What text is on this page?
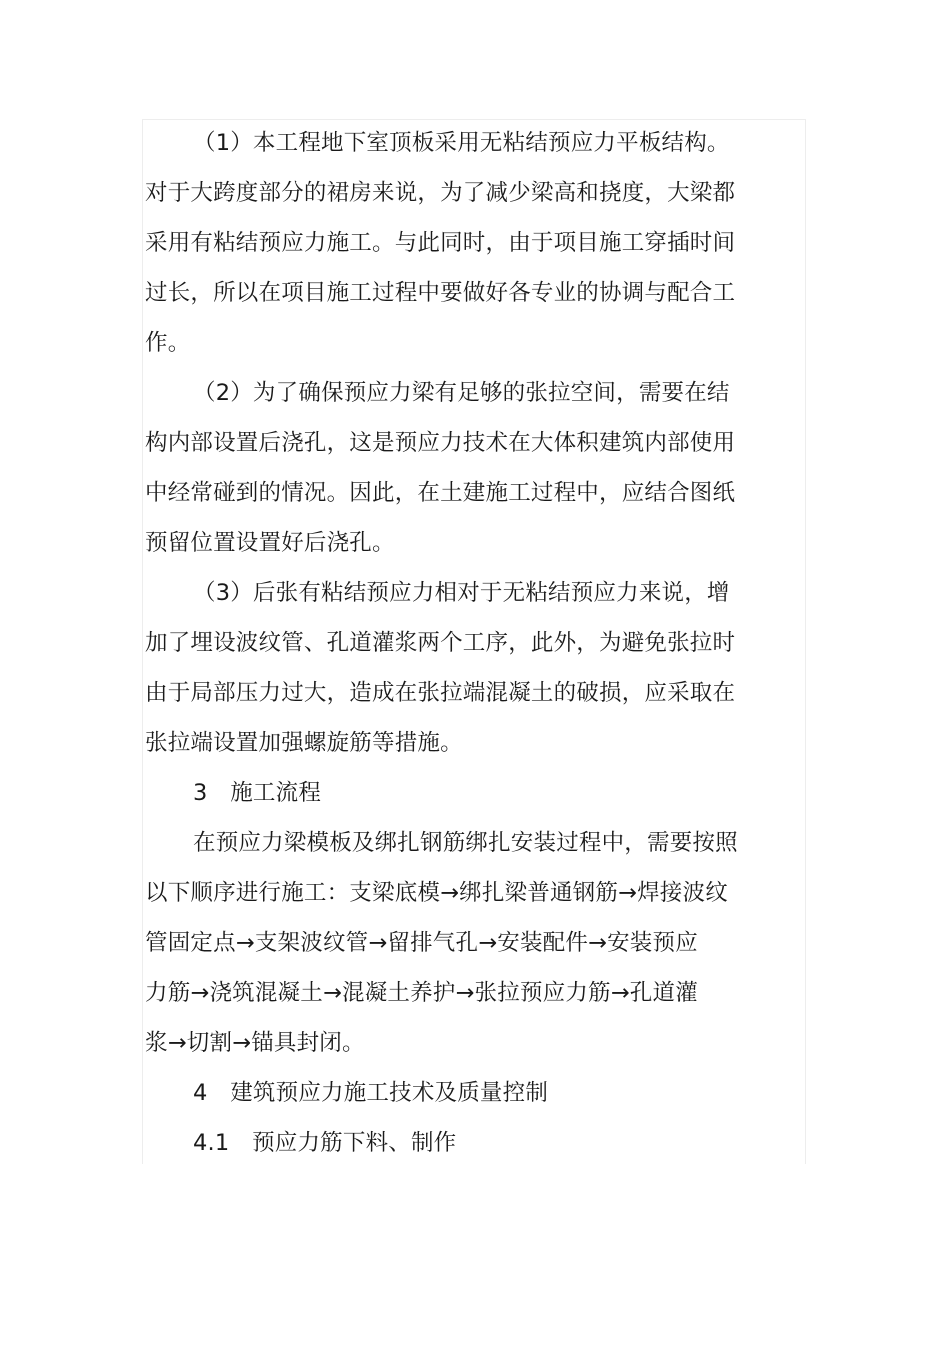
（1）本工程地下室顶板采用无粘结预应力平板结构。
对于大跨度部分的裙房来说，为了减少梁高和挠度，大梁都
采用有粘结预应力施工。与此同时，由于项目施工穿插时间
过长，所以在项目施工过程中要做好各专业的协调与配合工
作。
（2）为了确保预应力梁有足够的张拉空间，需要在结
构内部设置后浇孔，这是预应力技术在大体积建筑内部使用
中经常碰到的情况。因此，在土建施工过程中，应结合图纸
预留位置设置好后浇孔。
（3）后张有粘结预应力相对于无粘结预应力来说，增
加了埋设波纹管、孔道灌浆两个工序，此外，为避免张拉时
由于局部压力过大，造成在张拉端混凝土的破损，应采取在
张拉端设置加强螺旋筋等措施。
3　施工流程
在预应力梁模板及绑扎钢筋绑扎安装过程中，需要按照
以下顺序进行施工：支梁底模→绑扎梁普通钢筋→焊接波纹
管固定点→支架波纹管→留排气孔→安装配件→安装预应
力筋→浇筑混凝土→混凝土养护→张拉预应力筋→孔道灌
浆→切割→锚具封闭。
4　建筑预应力施工技术及质量控制
4.1　预应力筋下料、制作
